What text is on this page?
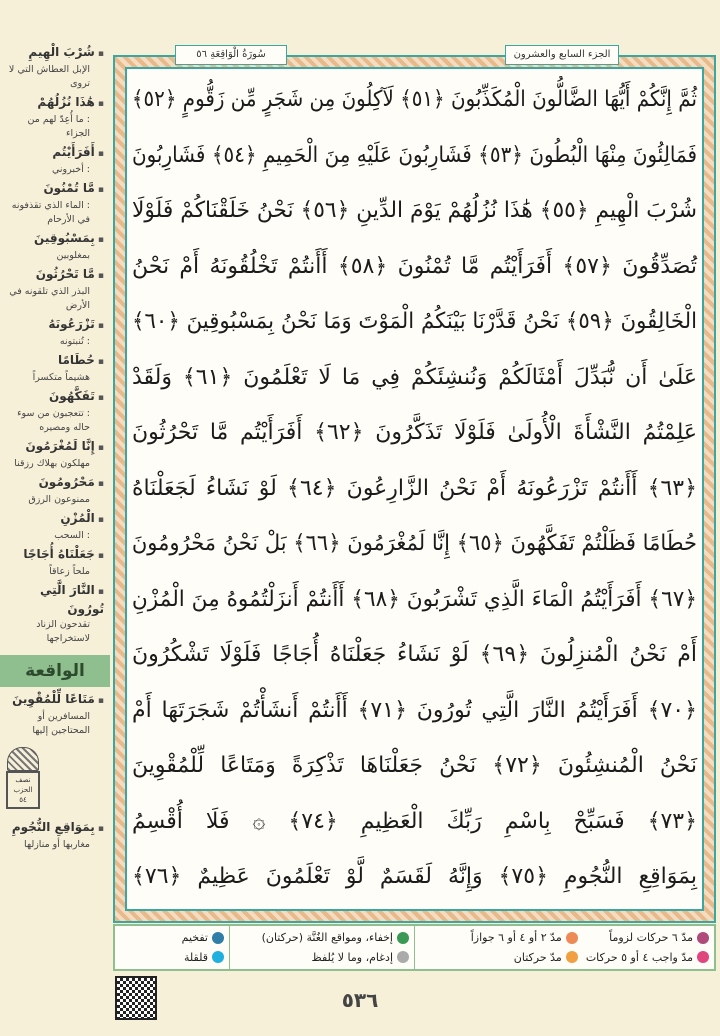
▪ شُرْبَ الْهِيمِ
الإبل العطاش التي لا تروى
▪ هَٰذَا نُزُلُهُمْ
: ما أُعِدّ لهم من الجزاء
▪ أَفَرَأَيْتُم
: أخبروني
▪ مَّا تُمْنُونَ
: الماء الذي تقذفونه في الأرحام
▪ بِمَسْبُوقِينَ
بمغلوبين
▪ مَّا تَحْرُثُونَ
البذر الذي تلقونه في الأرض
▪ تَزْرَعُونَهُ
: تُنبتونه
▪ حُطَامًا
هشيماً متكسراً
▪ تَفَكَّهُونَ
: تتعجبون من سوء حاله ومصيره
▪ إِنَّا لَمُغْرَمُونَ
مهلكون بهلاك رزقنا
▪ مَحْرُومُونَ
ممنوعون الرزق
▪ الْمُزْنِ
: السحب
▪ جَعَلْنَاهُ أُجَاجًا
ملحاً زعاقاً
▪ النَّارَ الَّتِي تُورُونَ
تقدحون الزناد لاستخراجها
الواقعة
▪ مَتَاعًا لِّلْمُقْوِينَ
المسافرين أو المحتاجين إليها
نصف الحزب ٥٤
▪ بِمَوَاقِعِ النُّجُومِ
مغاربها أو منازلها
سُورَةُ الْوَاقِعَةِ ٥٦	الجزء السابع والعشرون
ثُمَّ إِنَّكُمْ أَيُّهَا الضَّالُّونَ الْمُكَذِّبُونَ ﴿٥١﴾ لَآكِلُونَ مِن شَجَرٍ مِّن زَقُّومٍ ﴿٥٢﴾
فَمَالِئُونَ مِنْهَا الْبُطُونَ ﴿٥٣﴾ فَشَارِبُونَ عَلَيْهِ مِنَ الْحَمِيمِ ﴿٥٤﴾ فَشَارِبُونَ
شُرْبَ الْهِيمِ ﴿٥٥﴾ هَٰذَا نُزُلُهُمْ يَوْمَ الدِّينِ ﴿٥٦﴾ نَحْنُ خَلَقْنَاكُمْ فَلَوْلَا
تُصَدِّقُونَ ﴿٥٧﴾ أَفَرَأَيْتُم مَّا تُمْنُونَ ﴿٥٨﴾ أَأَنتُمْ تَخْلُقُونَهُ أَمْ نَحْنُ
الْخَالِقُونَ ﴿٥٩﴾ نَحْنُ قَدَّرْنَا بَيْنَكُمُ الْمَوْتَ وَمَا نَحْنُ بِمَسْبُوقِينَ ﴿٦٠﴾
عَلَىٰ أَن نُّبَدِّلَ أَمْثَالَكُمْ وَنُنشِئَكُمْ فِي مَا لَا تَعْلَمُونَ ﴿٦١﴾ وَلَقَدْ
عَلِمْتُمُ النَّشْأَةَ الْأُولَىٰ فَلَوْلَا تَذَكَّرُونَ ﴿٦٢﴾ أَفَرَأَيْتُم مَّا تَحْرُثُونَ
﴿٦٣﴾ أَأَنتُمْ تَزْرَعُونَهُ أَمْ نَحْنُ الزَّارِعُونَ ﴿٦٤﴾ لَوْ نَشَاءُ لَجَعَلْنَاهُ
حُطَامًا فَظَلْتُمْ تَفَكَّهُونَ ﴿٦٥﴾ إِنَّا لَمُغْرَمُونَ ﴿٦٦﴾ بَلْ نَحْنُ مَحْرُومُونَ
﴿٦٧﴾ أَفَرَأَيْتُمُ الْمَاءَ الَّذِي تَشْرَبُونَ ﴿٦٨﴾ أَأَنتُمْ أَنزَلْتُمُوهُ مِنَ الْمُزْنِ
أَمْ نَحْنُ الْمُنزِلُونَ ﴿٦٩﴾ لَوْ نَشَاءُ جَعَلْنَاهُ أُجَاجًا فَلَوْلَا تَشْكُرُونَ
﴿٧٠﴾ أَفَرَأَيْتُمُ النَّارَ الَّتِي تُورُونَ ﴿٧١﴾ أَأَنتُمْ أَنشَأْتُمْ شَجَرَتَهَا أَمْ
نَحْنُ الْمُنشِئُونَ ﴿٧٢﴾ نَحْنُ جَعَلْنَاهَا تَذْكِرَةً وَمَتَاعًا لِّلْمُقْوِينَ
﴿٧٣﴾ فَسَبِّحْ بِاسْمِ رَبِّكَ الْعَظِيمِ ﴿٧٤﴾ ۞ فَلَا أُقْسِمُ
بِمَوَاقِعِ النُّجُومِ ﴿٧٥﴾ وَإِنَّهُ لَقَسَمٌ لَّوْ تَعْلَمُونَ عَظِيمٌ ﴿٧٦﴾
مدّ ٦ حركات لزوماً
مدّ ٢ أو ٤ أو ٦ جوازاً
مدّ واجب ٤ أو ٥ حركات
مدّ حركتان
إخفاء، ومواقع الغُنَّة (حركتان)
إدغام، وما لا يُلفظ
تفخيم
قلقلة
٥٣٦
